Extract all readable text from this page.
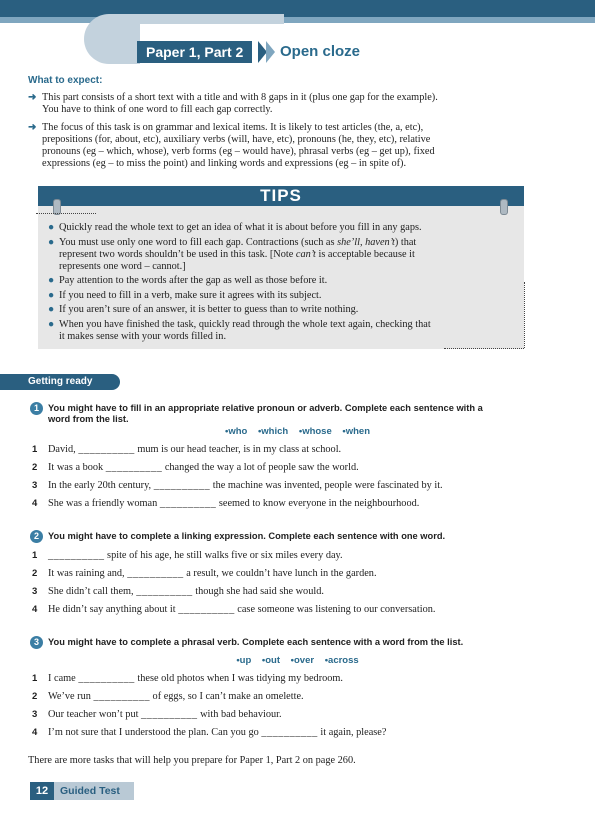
Paper 1, Part 2	Open cloze
What to expect:
➜ This part consists of a short text with a title and with 8 gaps in it (plus one gap for the example).
You have to think of one word to fill each gap correctly.
➜ The focus of this task is on grammar and lexical items. It is likely to test articles (the, a, etc),
prepositions (for, about, etc), auxiliary verbs (will, have, etc), pronouns (he, they, etc), relative
pronouns (eg – which, whose), verb forms (eg – would have), phrasal verbs (eg – get up), fixed
expressions (eg – to miss the point) and linking words and expressions (eg – in spite of).
TIPS
● Quickly read the whole text to get an idea of what it is about before you fill in any gaps.
● You must use only one word to fill each gap. Contractions (such as she’ll, haven’t) that
represent two words shouldn’t be used in this task. [Note can’t is acceptable because it
represents one word – cannot.]
● Pay attention to the words after the gap as well as those before it.
● If you need to fill in a verb, make sure it agrees with its subject.
● If you aren’t sure of an answer, it is better to guess than to write nothing.
● When you have finished the task, quickly read through the whole text again, checking that
it makes sense with your words filled in.
Getting ready
1 You might have to fill in an appropriate relative pronoun or adverb. Complete each sentence with a
word from the list.
•who •which •whose •when
1 David, __________ mum is our head teacher, is in my class at school.
2 It was a book __________ changed the way a lot of people saw the world.
3 In the early 20th century, __________ the machine was invented, people were fascinated by it.
4 She was a friendly woman __________ seemed to know everyone in the neighbourhood.
2 You might have to complete a linking expression. Complete each sentence with one word.
1 __________ spite of his age, he still walks five or six miles every day.
2 It was raining and, __________ a result, we couldn’t have lunch in the garden.
3 She didn’t call them, __________ though she had said she would.
4 He didn’t say anything about it __________ case someone was listening to our conversation.
3 You might have to complete a phrasal verb. Complete each sentence with a word from the list.
•up •out •over •across
1 I came __________ these old photos when I was tidying my bedroom.
2 We’ve run __________ of eggs, so I can’t make an omelette.
3 Our teacher won’t put __________ with bad behaviour.
4 I’m not sure that I understood the plan. Can you go __________ it again, please?
There are more tasks that will help you prepare for Paper 1, Part 2 on page 260.
12	Guided Test
